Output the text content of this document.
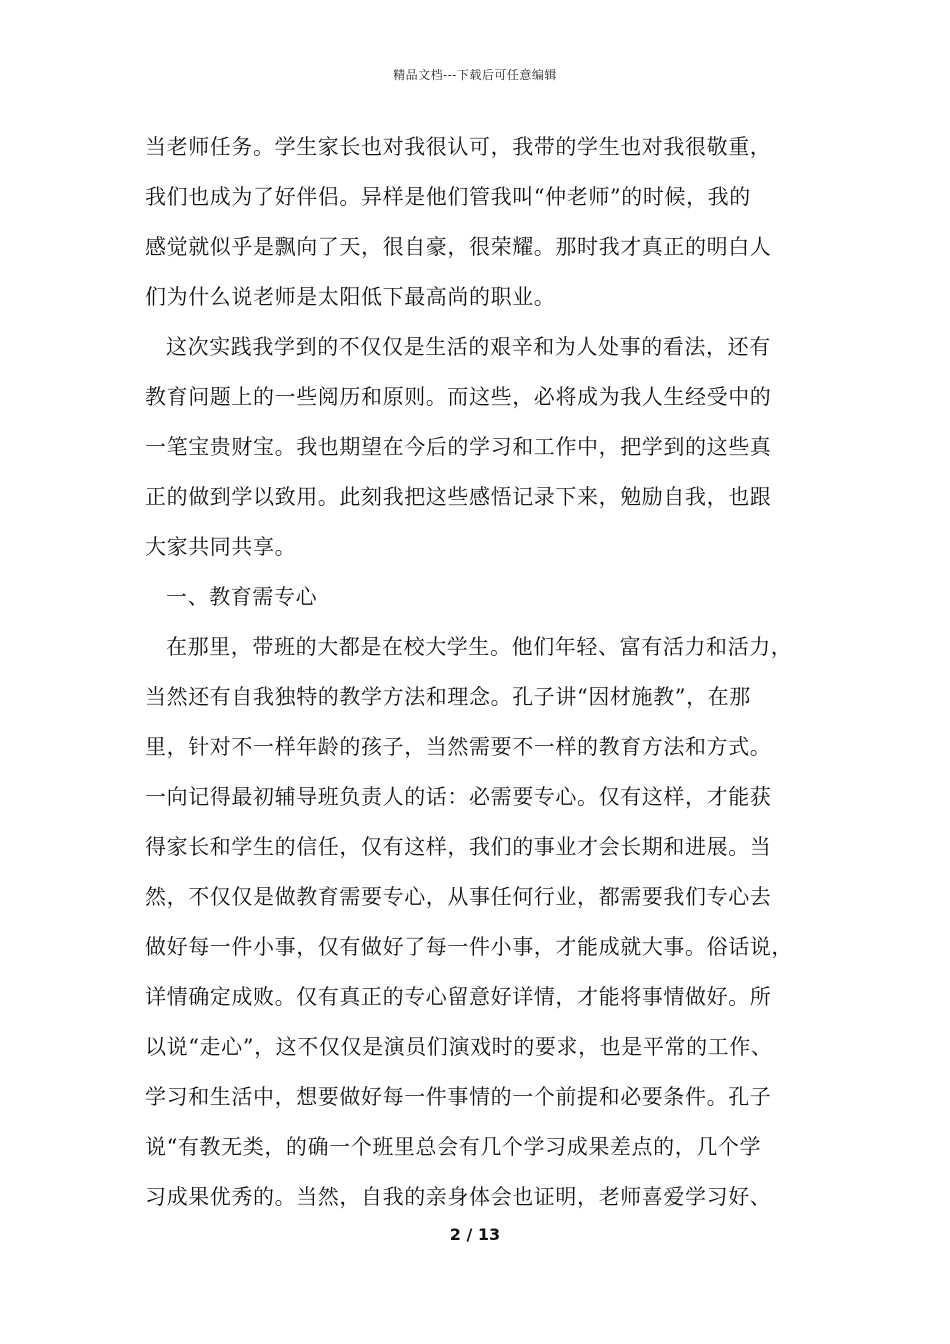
精品文档---下载后可任意编辑
当老师任务。学生家长也对我很认可，我带的学生也对我很敬重，
我们也成为了好伴侣。异样是他们管我叫“仲老师”的时候，我的
感觉就似乎是飘向了天，很自豪，很荣耀。那时我才真正的明白人
们为什么说老师是太阳低下最高尚的职业。
这次实践我学到的不仅仅是生活的艰辛和为人处事的看法，还有
教育问题上的一些阅历和原则。而这些，必将成为我人生经受中的
一笔宝贵财宝。我也期望在今后的学习和工作中，把学到的这些真
正的做到学以致用。此刻我把这些感悟记录下来，勉励自我，也跟
大家共同共享。
一、教育需专心
在那里，带班的大都是在校大学生。他们年轻、富有活力和活力，
当然还有自我独特的教学方法和理念。孔子讲“因材施教”，在那
里，针对不一样年龄的孩子，当然需要不一样的教育方法和方式。
一向记得最初辅导班负责人的话：必需要专心。仅有这样，才能获
得家长和学生的信任，仅有这样，我们的事业才会长期和进展。当
然，不仅仅是做教育需要专心，从事任何行业，都需要我们专心去
做好每一件小事，仅有做好了每一件小事，才能成就大事。俗话说，
详情确定成败。仅有真正的专心留意好详情，才能将事情做好。所
以说“走心”，这不仅仅是演员们演戏时的要求，也是平常的工作、
学习和生活中，想要做好每一件事情的一个前提和必要条件。孔子
说“有教无类，的确一个班里总会有几个学习成果差点的，几个学
习成果优秀的。当然，自我的亲身体会也证明，老师喜爱学习好、
2 / 13
